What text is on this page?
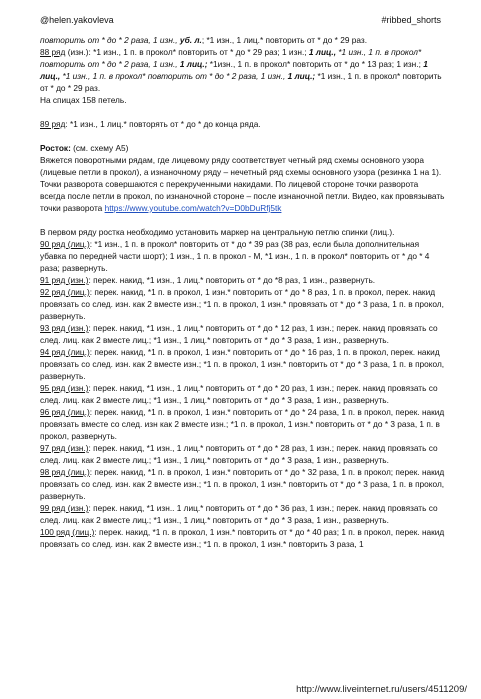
@helen.yakovleva	#ribbed_shorts

повторить от * до * 2 раза, 1 изн., уб. л.; *1 изн., 1 лиц.* повторить от * до * 29 раз.

88 ряд (изн.): *1 изн., 1 п. в прокол* повторить от * до * 29 раз; 1 изн.; 1 лиц., *1 изн., 1 п. в прокол* повторить от * до * 2 раза, 1 изн., 1 лиц.; *1изн., 1 п. в прокол* повторить от * до * 13 раз; 1 изн.; 1 лиц., *1 изн., 1 п. в прокол* повторить от * до * 2 раза, 1 изн., 1 лиц.; *1 изн., 1 п. в прокол* повторить от * до * 29 раз.

На спицах 158 петель.

89 ряд: *1 изн., 1 лиц.* повторять от * до * до конца ряда.

Росток: (см. схему А5)

Вяжется поворотными рядам, где лицевому ряду соответствует четный ряд схемы основного узора (лицевые петли в прокол), а изнаночному ряду – нечетный ряд схемы основного узора (резинка 1 на 1). Точки разворота совершаются с перекрученными накидами. По лицевой стороне точки разворота всегда после петли в прокол, по изнаночной стороне – после изнаночной петли. Видео, как провязывать точки разворота https://www.youtube.com/watch?v=D0bDuRfj5tk

В первом ряду ростка необходимо установить маркер на центральную петлю спинки (лиц.).

90 ряд (лиц.): *1 изн., 1 п. в прокол* повторить от * до * 39 раз (38 раз, если была дополнительная убавка по передней части шорт); 1 изн., 1 п. в прокол - М, *1 изн., 1 п. в прокол* повторить от * до * 4 раза; развернуть.

91 ряд (изн.): перек. накид, *1 изн., 1 лиц.* повторить от * до *8 раз, 1 изн., развернуть.

92 ряд (лиц.): перек. накид, *1 п. в прокол, 1 изн.* повторить от * до * 8 раз, 1 п. в прокол, перек. накид провязать со след. изн. как 2 вместе изн.; *1 п. в прокол, 1 изн.* провязать от * до * 3 раза, 1 п. в прокол, развернуть.

93 ряд (изн.): перек. накид, *1 изн., 1 лиц.* повторить от * до * 12 раз, 1 изн.; перек. накид провязать со след. лиц. как 2 вместе лиц.; *1 изн., 1 лиц.* повторить от * до * 3 раза, 1 изн., развернуть.

94 ряд (лиц.): перек. накид, *1 п. в прокол, 1 изн.* повторить от * до * 16 раз, 1 п. в прокол, перек. накид провязать со след. изн. как 2 вместе изн.; *1 п. в прокол, 1 изн.* повторить от * до * 3 раза, 1 п. в прокол, развернуть.

95 ряд (изн.): перек. накид, *1 изн., 1 лиц.* повторить от * до * 20 раз, 1 изн.; перек. накид провязать со след. лиц. как 2 вместе лиц.; *1 изн., 1 лиц.* повторить от * до * 3 раза, 1 изн., развернуть.

96 ряд (лиц.): перек. накид, *1 п. в прокол, 1 изн.* повторить от * до * 24 раза, 1 п. в прокол, перек. накид провязать вместе со след. изн как 2 вместе изн.; *1 п. в прокол, 1 изн.* повторить от * до * 3 раза, 1 п. в прокол, развернуть.

97 ряд (изн.): перек. накид, *1 изн., 1 лиц.* повторить от * до * 28 раз, 1 изн.; перек. накид провязать со след. лиц. как 2 вместе лиц.; *1 изн., 1 лиц.* повторить от * до * 3 раза, 1 изн., развернуть.

98 ряд (лиц.): перек. накид, *1 п. в прокол, 1 изн.* повторить от * до * 32 раза, 1 п. в прокол; перек. накид провязать со след. изн. как 2 вместе изн.; *1 п. в прокол, 1 изн.* повторить от * до * 3 раза, 1 п. в прокол, развернуть.

99 ряд (изн.): перек. накид, *1 изн.. 1 лиц.* повторить от * до * 36 раз, 1 изн.; перек. накид провязать со след. лиц. как 2 вместе лиц.; *1 изн., 1 лиц.* повторить от * до * 3 раза, 1 изн., развернуть.

100 ряд (лиц.): перек. накид, *1 п. в прокол, 1 изн.* повторить от * до * 40 раз; 1 п. в прокол, перек. накид провязать со след. изн. как 2 вместе изн.; *1 п. в прокол, 1 изн.* повторить 3 раза, 1

http://www.liveinternet.ru/users/4511209/
